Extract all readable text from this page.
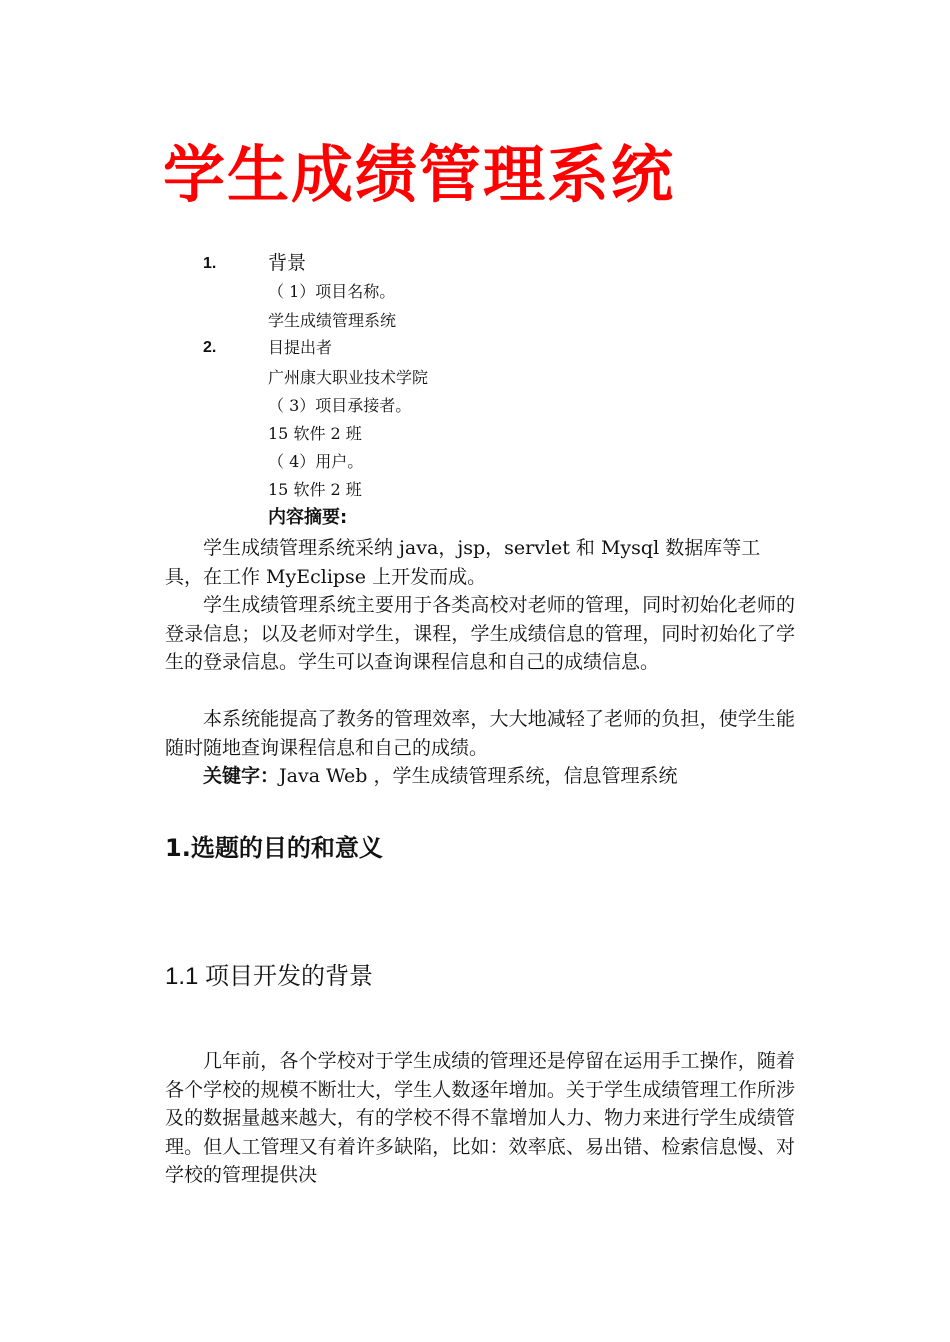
学生成绩管理系统
1.	背景
（ 1）项目名称。
学生成绩管理系统
2.	目提出者
广州康大职业技术学院
（ 3）项目承接者。
15 软件 2 班
（ 4）用户。
15 软件 2 班
内容摘要:

学生成绩管理系统采纳 java，jsp，servlet 和 Mysql 数据库等工具，在工作 MyEclipse 上开发而成。

学生成绩管理系统主要用于各类高校对老师的管理，同时初始化老师的登录信息；以及老师对学生，课程，学生成绩信息的管理，同时初始化了学生的登录信息。学生可以查询课程信息和自己的成绩信息。

本系统能提高了教务的管理效率，大大地减轻了老师的负担，使学生能随时随地查询课程信息和自己的成绩。

关键字：Java Web ，学生成绩管理系统，信息管理系统

1.选题的目的和意义
1.1 项目开发的背景

几年前，各个学校对于学生成绩的管理还是停留在运用手工操作，随着各个学校的规模不断壮大，学生人数逐年增加。关于学生成绩管理工作所涉及的数据量越来越大，有的学校不得不靠增加人力、物力来进行学生成绩管理。但人工管理又有着许多缺陷，比如：效率底、易出错、检索信息慢、对学校的管理提供决
